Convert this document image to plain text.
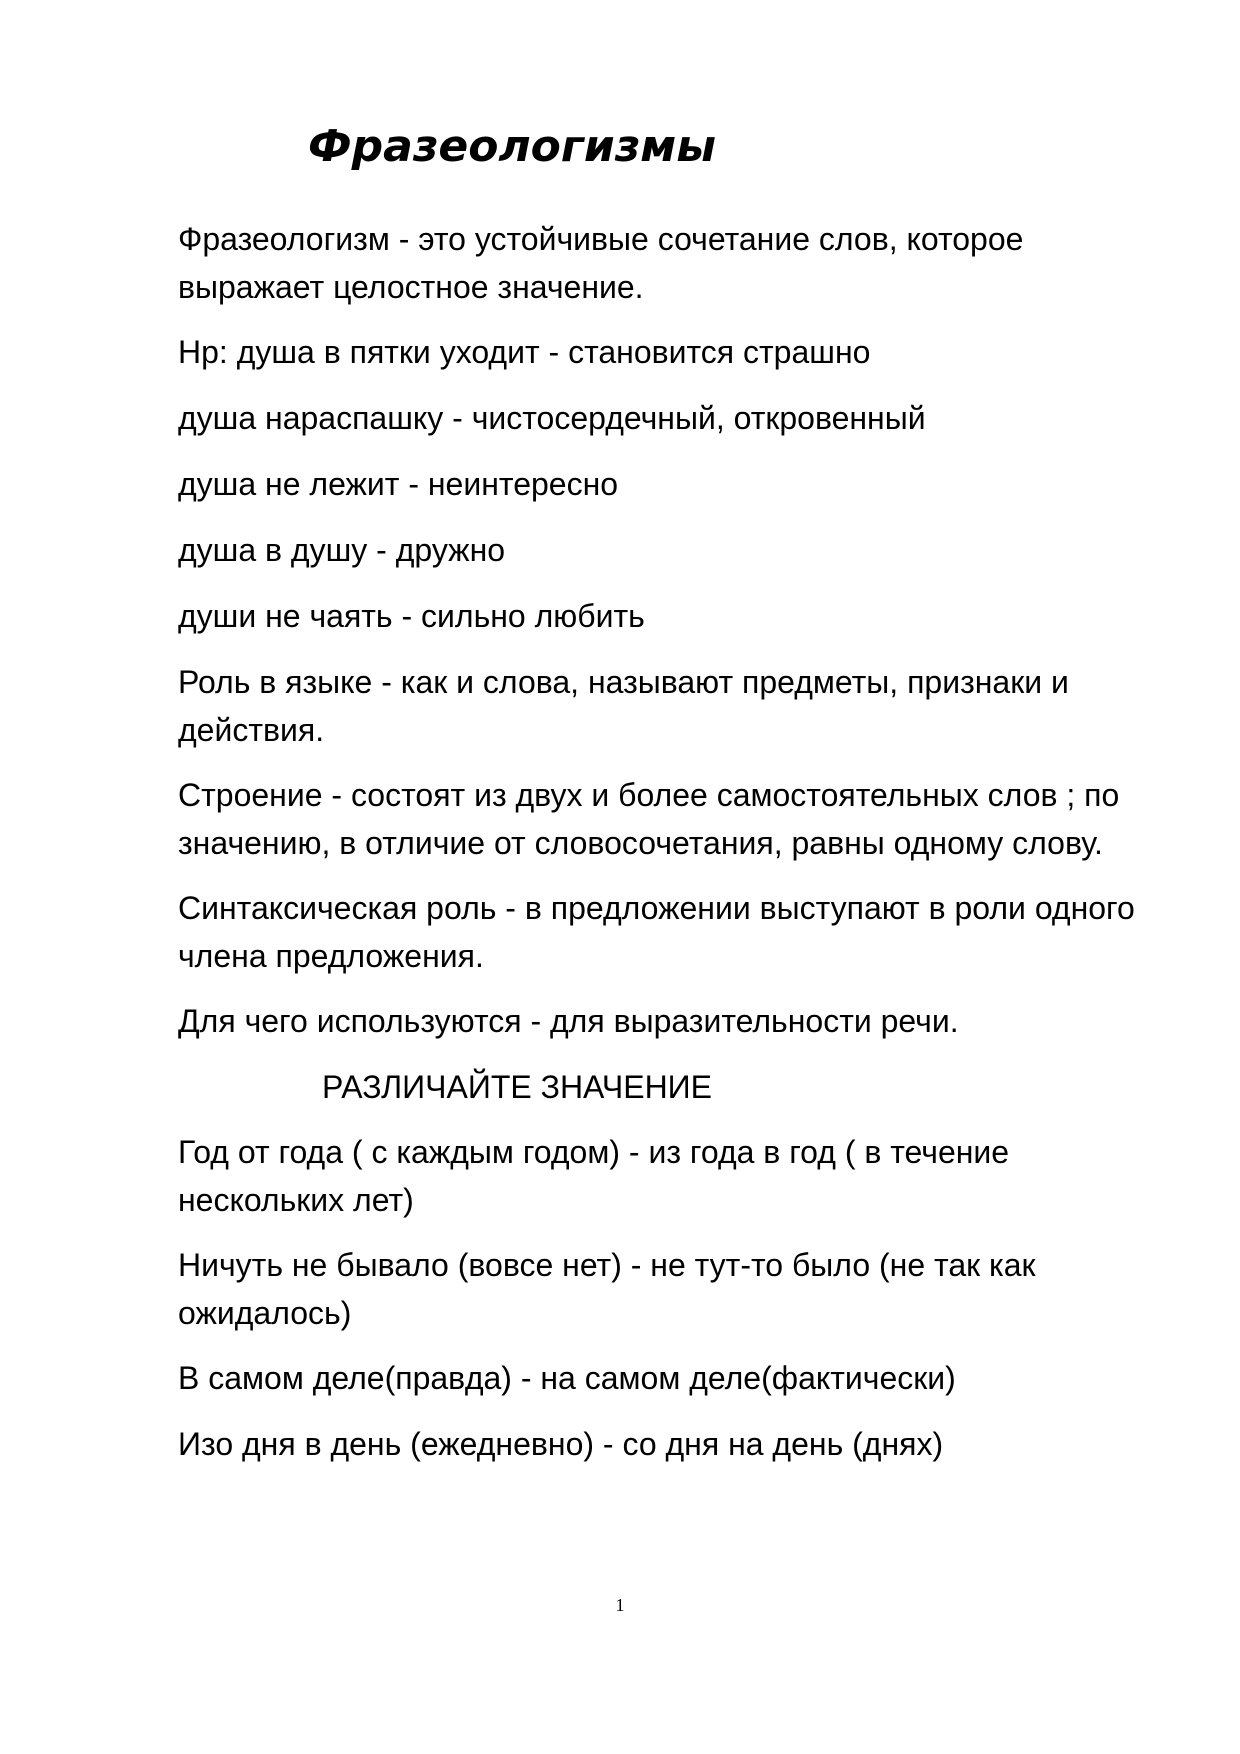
Фразеологизмы

Фразеологизм - это устойчивые сочетание слов, которое выражает целостное значение.

Нр: душа в пятки уходит - становится страшно

душа нараспашку - чистосердечный, откровенный

душа не лежит - неинтересно

душа в душу - дружно

души не чаять - сильно любить

Роль в языке - как и слова, называют предметы, признаки и действия.

Строение - состоят из двух и более самостоятельных слов ; по значению, в отличие от словосочетания, равны одному слову.

Синтаксическая роль - в предложении выступают в роли одного члена предложения.

Для чего используются - для выразительности речи.

РАЗЛИЧАЙТЕ ЗНАЧЕНИЕ

Год от года ( с каждым годом) - из года в год ( в течение нескольких лет)

Ничуть не бывало (вовсе нет) - не тут-то было (не так как ожидалось)

В самом деле(правда) - на самом деле(фактически)

Изо дня в день (ежедневно) - со дня на день (днях)

1
